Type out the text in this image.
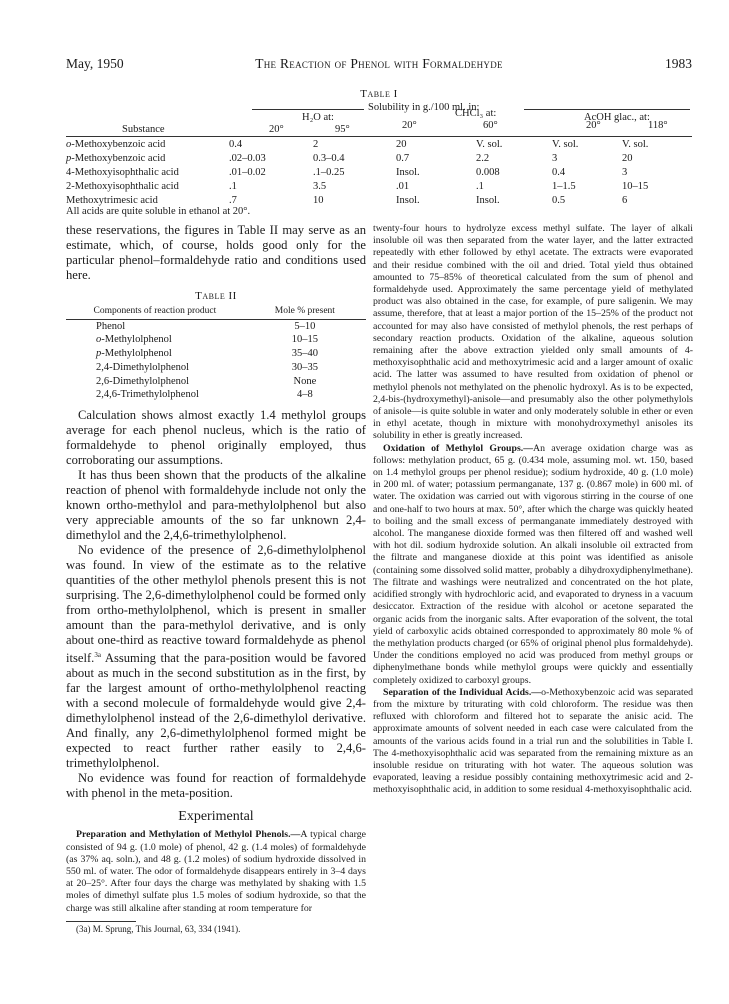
May, 1950	The Reaction of Phenol with Formaldehyde	1983
Table I
Solubility in g./100 ml. in:
H₂O at:	CHCl₃ at:	AcOH glac., at:
Substance	20°	95°	20°	60°	20°	118°
o-Methoxybenzoic acid	0.4	2	20	V. sol.	V. sol.	V. sol.
p-Methoxybenzoic acid	.02–0.03	0.3–0.4	0.7	2.2	3	20
4-Methoxyisophthalic acid	.01–0.02	.1–0.25	Insol.	0.008	0.4	3
2-Methoxyisophthalic acid	.1	3.5	.01	.1	1–1.5	10–15
Methoxytrimesic acid	.7	10	Insol.	Insol.	0.5	6
All acids are quite soluble in ethanol at 20°.

these reservations, the figures in Table II may serve as an estimate, which, of course, holds good only for the particular phenol–formaldehyde ratio and conditions used here.

Table II
Components of reaction product	Mole % present
Phenol	5–10
o-Methylolphenol	10–15
p-Methylolphenol	35–40
2,4-Dimethylolphenol	30–35
2,6-Dimethylolphenol	None
2,4,6-Trimethylolphenol	4–8

Calculation shows almost exactly 1.4 methylol groups average for each phenol nucleus, which is the ratio of formaldehyde to phenol originally employed, thus corroborating our assumptions.

It has thus been shown that the products of the alkaline reaction of phenol with formaldehyde include not only the known ortho-methylol and para-methylolphenol but also very appreciable amounts of the so far unknown 2,4-dimethylol and the 2,4,6-trimethylolphenol.

No evidence of the presence of 2,6-dimethylolphenol was found. In view of the estimate as to the relative quantities of the other methylol phenols present this is not surprising. The 2,6-dimethylolphenol could be formed only from ortho-methylolphenol, which is present in smaller amount than the para-methylol derivative, and is only about one-third as reactive toward formaldehyde as phenol itself.$^{3a}$ Assuming that the para-position would be favored about as much in the second substitution as in the first, by far the largest amount of ortho-methylolphenol reacting with a second molecule of formaldehyde would give 2,4-dimethylolphenol instead of the 2,6-dimethylol derivative. And finally, any 2,6-dimethylolphenol formed might be expected to react further rather easily to 2,4,6-trimethylolphenol.

No evidence was found for reaction of formaldehyde with phenol in the meta-position.

Experimental

Preparation and Methylation of Methylol Phenols.—A typical charge consisted of 94 g. (1.0 mole) of phenol, 42 g. (1.4 moles) of formaldehyde (as 37% aq. soln.), and 48 g. (1.2 moles) of sodium hydroxide dissolved in 550 ml. of water. The odor of formaldehyde disappears entirely in 3–4 days at 20–25°. After four days the charge was methylated by shaking with 1.5 moles of dimethyl sulfate plus 1.5 moles of sodium hydroxide, so that the charge was still alkaline after standing at room temperature for

(3a) M. Sprung, This Journal, 63, 334 (1941).

twenty-four hours to hydrolyze excess methyl sulfate. The layer of alkali insoluble oil was then separated from the water layer, and the latter extracted repeatedly with ether followed by ethyl acetate. The extracts were evaporated and their residue combined with the oil and dried. Total yield thus obtained amounted to 75–85% of theoretical calculated from the sum of phenol and formaldehyde used. Approximately the same percentage yield of methylated product was also obtained in the case, for example, of pure saligenin. We may assume, therefore, that at least a major portion of the 15–25% of the product not accounted for may also have consisted of methylol phenols, the rest perhaps of secondary reaction products. Oxidation of the alkaline, aqueous solution remaining after the above extraction yielded only small amounts of 4-methoxyisophthalic acid and methoxytrimesic acid and a larger amount of oxalic acid. The latter was assumed to have resulted from oxidation of phenol or methylol phenols not methylated on the phenolic hydroxyl. As is to be expected, 2,4-bis-(hydroxymethyl)-anisole—and presumably also the other polymethylols of anisole—is quite soluble in water and only moderately soluble in ether or even in ethyl acetate, though in mixture with monohydroxymethyl anisoles its solubility in ether is greatly increased.

Oxidation of Methylol Groups.—An average oxidation charge was as follows: methylation product, 65 g. (0.434 mole, assuming mol. wt. 150, based on 1.4 methylol groups per phenol residue); sodium hydroxide, 40 g. (1.0 mole) in 200 ml. of water; potassium permanganate, 137 g. (0.867 mole) in 600 ml. of water. The oxidation was carried out with vigorous stirring in the course of one and one-half to two hours at max. 50°, after which the charge was quickly heated to boiling and the small excess of permanganate immediately destroyed with alcohol. The manganese dioxide formed was then filtered off and washed well with hot dil. sodium hydroxide solution. An alkali insoluble oil extracted from the filtrate and manganese dioxide at this point was identified as anisole (containing some dissolved solid matter, probably a dihydroxydiphenylmethane). The filtrate and washings were neutralized and concentrated on the hot plate, acidified strongly with hydrochloric acid, and evaporated to dryness in a vacuum desiccator. Extraction of the residue with alcohol or acetone separated the organic acids from the inorganic salts. After evaporation of the solvent, the total yield of carboxylic acids obtained corresponded to approximately 80 mole % of the methylation products charged (or 65% of original phenol plus formaldehyde). Under the conditions employed no acid was produced from methyl groups or diphenylmethane bonds while methylol groups were quickly and essentially completely oxidized to carboxyl groups.

Separation of the Individual Acids.—o-Methoxybenzoic acid was separated from the mixture by triturating with cold chloroform. The residue was then refluxed with chloroform and filtered hot to separate the anisic acid. The approximate amounts of solvent needed in each case were calculated from the amounts of the various acids found in a trial run and the solubilities in Table I. The 4-methoxyisophthalic acid was separated from the remaining mixture as an insoluble residue on triturating with hot water. The aqueous solution was evaporated, leaving a residue possibly containing methoxytrimesic acid and 2-methoxyisophthalic acid, in addition to some residual 4-methoxyisophthalic acid.
